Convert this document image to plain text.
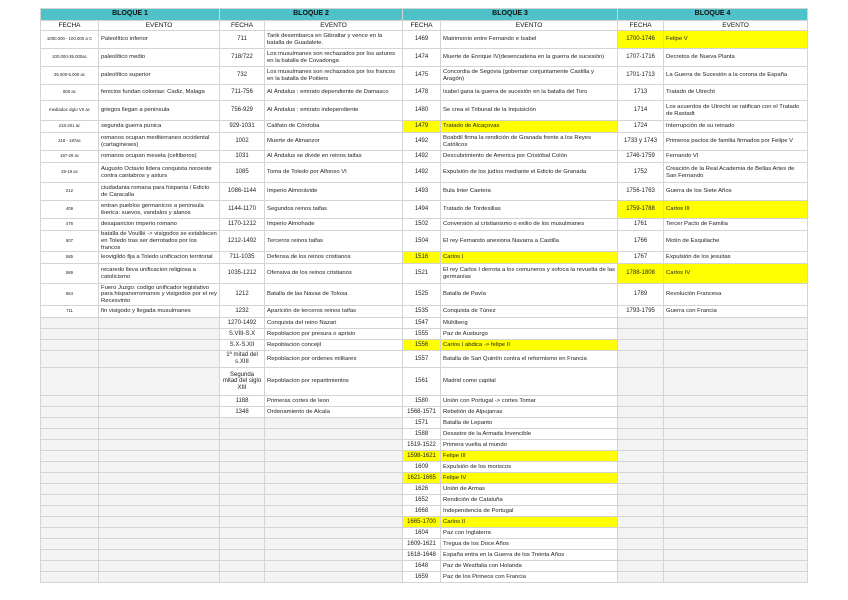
BLOQUE 1		BLOQUE 2		BLOQUE 3		BLOQUE 4	
FECHA	EVENTO	FECHA	EVENTO	FECHA	EVENTO	FECHA	EVENTO
1000.000 - 100.000 a C	Paleolítico inferior	711	Tarik desembarca en Gibraltar y vence en la batalla de Guadalete.	1469	Matrimonio entre Fernando e Isabel	1700-1746	Felipe V
100.000-35.000ac	paleolítico medio	718/722	Los musulmanes son rechazados por los astures en la batalla de Covadonga	1474	Muerte de Enrique IV(desencadena en la guerra de sucesión)	1707-1716	Decretos de Nueva Planta
35.000-5.000 ac	paleolítico superior	732	Los musulmanes son rechazados por los francos en la batalla de Poitiers	1475	Concordia de Segovia (gobernar conjuntamente Castilla y Aragón)	1701-1713	La Guerra de Sucesión a la corona de España
800 ac	fenicios fundan colonias: Cadiz, Malaga	711-756	Al Ándalus : emirato dependiente de Damasco	1478	Isabel gana la guerra de sucesión en la batalla del Toro	1713	Tratado de Utrecht
mediados siglo VII ac	griegos llegan a peninsula	756-929	Al Ándalus : emirato independiente	1480	Se crea el Tribunal de la Inquisición	1714	Los acuerdos de Utrecht se ratifican con el Tratado de Rastadt
218-201 ac	segunda guerra punica	929-1031	Califato de Córdoba	1479	Tratado de Alcaçovas	1724	Interrupción de su reinado
218 - 197ac	romanos ocupan mediterraneo occidental (cartagineses)	1002	Muerte de Almanzor	1492	Boabdil firma la rendición de Granada frente a los Reyes Católicos	1733 y 1743	Primeros pactos de familia firmados por Felipe V
197-29 ac	romanos ocupan meseta (celtiberos)	1031	Al Ándalus se divide en reinos taifas	1492	Descubrimiento de America por Cristóbal Colón	1746-1759	Fernando VI
29-19 ac	Augusto Octavio lidera conquista noroeste contra cantabros y asturs	1085	Toma de Toledo por Alfonso VI	1492	Expulsión de los judíos mediante el Edicto de Granada	1752	Creación de la Real Academia de Bellas Artes de San Fernando
212	ciudadania romana para hispania / Edicto de Caracalla	1086-1144	Imperio Almorávide	1493	Bula Inter Caetera	1756-1763	Guerra de los Siete Años
409	entran pueblos germanicos a peninsula iberica: suevos, vandalos y alanos	1144-1170	Segundos reinos taifas	1494	Tratado de Tordesillas	1759-1788	Carlos III
476	desaparicion imperio romano	1170-1212	Imperio Almohade	1502	Conversión al cristianismo o exilio de los musulmanes	1761	Tercer Pacto de Familia
507	batalla de Vouillé -> visigodos se establecen en Toledo tras ser derrotados por los francos	1212-1492	Terceros reinos taifas	1504	El rey Fernando anexiona Navarra a Castilla	1766	Motín de Esquilache
585	leovigildo fija a Toledo unificacion territorial	711-1035	Defensa de los reinos cristianos	1516	Carlos I	1767	Expulsión de los jesuitas
589	recaredo lleva unificacion religiosa a catolicismo	1035-1212	Ofensiva de los reinos cristianos	1521	El rey Carlos I derrota a los comuneros y sofoca la revuelta de las germanías	1788-1808	Carlos IV
654	Fuero Juzgo: codigo unificador legislativo para hispanorromanos y visigodos por el rey Recesvinto	1212	Batalla de las Navas de Tolosa	1525	Batalla de Pavía	1789	Revolución Francesa
711	fin visigodo y llegada musulmanes	1232	Aparición de terceros reinos taifas	1535	Conquista de Túnez	1793-1795	Guerra con Francia
		1270-1492	Conquista del reino Nazari	1547	Mühlberg		
		S.VIII-S.X	Repoblacion por presura o aprisio	1555	Paz de Ausburgo		
		S.X-S.XII	Repoblacion concejil	1556	Carlos I abdica -> felipe II		
		1ª mitad del s.XIII	Repoblacion por ordenes militares	1557	Batalla de San Quintín contra el reformismo en Francia		
		Segunda mitad del siglo XIII	Repoblacion por repartimientos	1561	Madrid como capital		
		1188	Primeras cortes de leon	1580	Unión con Portugal -> cortes Tomar		
		1348	Ordenamiento de Alcala	1568-1571	Rebelión de Alpujarras		
				1571	Batalla de Lepanto		
				1588	Desastre de la Armada Invencible		
				1519-1522	Primera vuelta al mundo		
				1598-1621	Felipe III		
				1609	Expulsión de los moriscos		
				1621-1665	Felipe IV		
				1626	Unión de Armas		
				1652	Rendición de Cataluña		
				1668	Independencia de Portugal		
				1665-1700	Carlos II		
				1604	Paz con Inglaterra		
				1609-1621	Tregua de los Doce Años		
				1618-1648	España entra en la Guerra de los Treinta Años		
				1648	Paz de Westfalia con Holanda		
				1659	Paz de los Pirineos con Francia		
